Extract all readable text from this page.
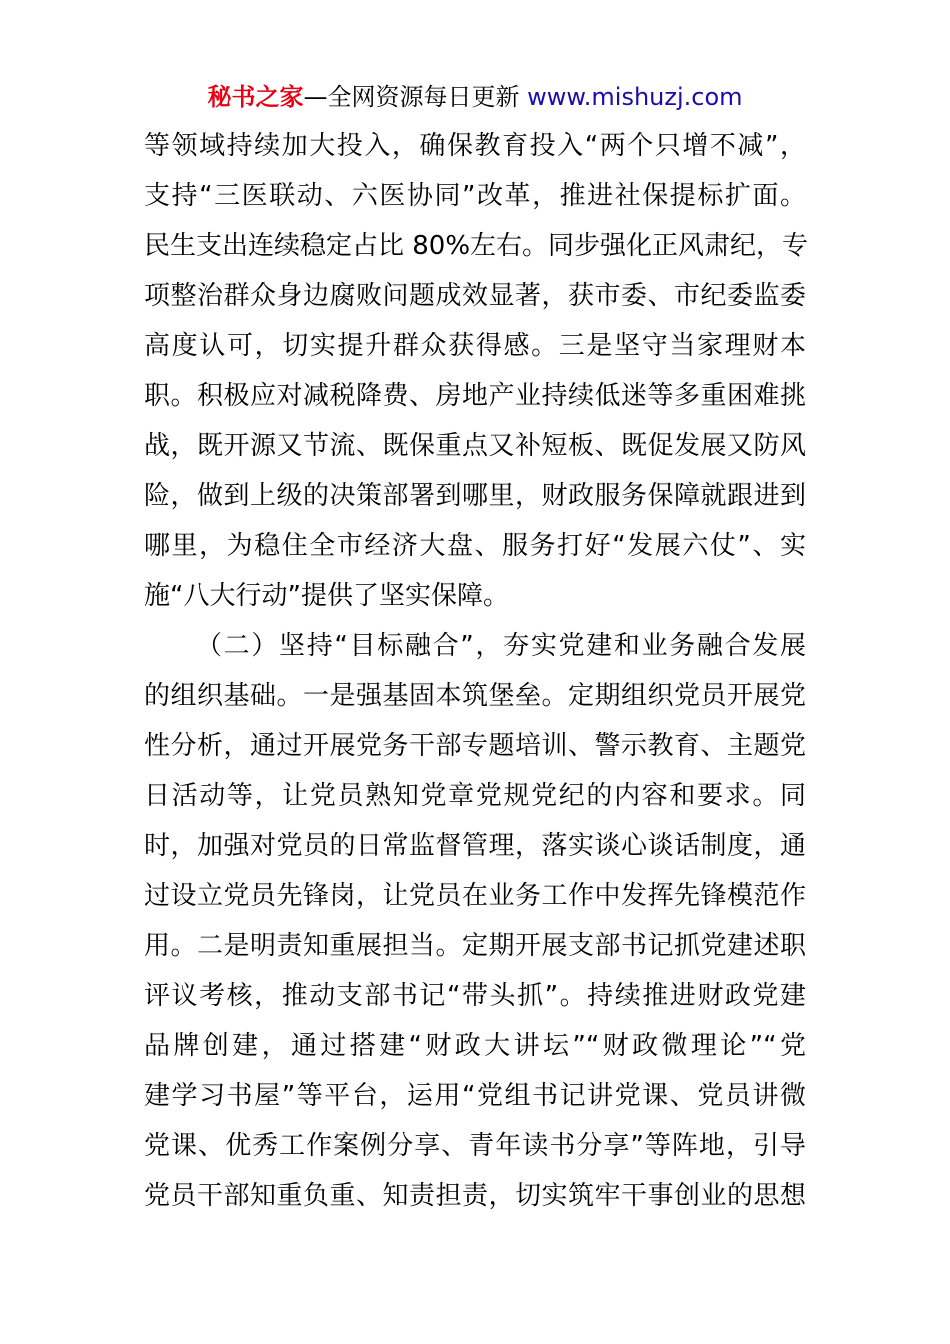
秘书之家—全网资源每日更新 www.mishuzj.com
等领域持续加大投入，确保教育投入“两个只增不减”，
支持“三医联动、六医协同”改革，推进社保提标扩面。
民生支出连续稳定占比 80%左右。同步强化正风肃纪，专
项整治群众身边腐败问题成效显著，获市委、市纪委监委
高度认可，切实提升群众获得感。三是坚守当家理财本
职。积极应对减税降费、房地产业持续低迷等多重困难挑
战，既开源又节流、既保重点又补短板、既促发展又防风
险，做到上级的决策部署到哪里，财政服务保障就跟进到
哪里，为稳住全市经济大盘、服务打好“发展六仗”、实
施“八大行动”提供了坚实保障。
（二）坚持“目标融合”，夯实党建和业务融合发展
的组织基础。一是强基固本筑堡垒。定期组织党员开展党
性分析，通过开展党务干部专题培训、警示教育、主题党
日活动等，让党员熟知党章党规党纪的内容和要求。同
时，加强对党员的日常监督管理，落实谈心谈话制度，通
过设立党员先锋岗，让党员在业务工作中发挥先锋模范作
用。二是明责知重展担当。定期开展支部书记抓党建述职
评议考核，推动支部书记“带头抓”。持续推进财政党建
品牌创建，通过搭建“财政大讲坛”“财政微理论”“党
建学习书屋”等平台，运用“党组书记讲党课、党员讲微
党课、优秀工作案例分享、青年读书分享”等阵地，引导
党员干部知重负重、知责担责，切实筑牢干事创业的思想
